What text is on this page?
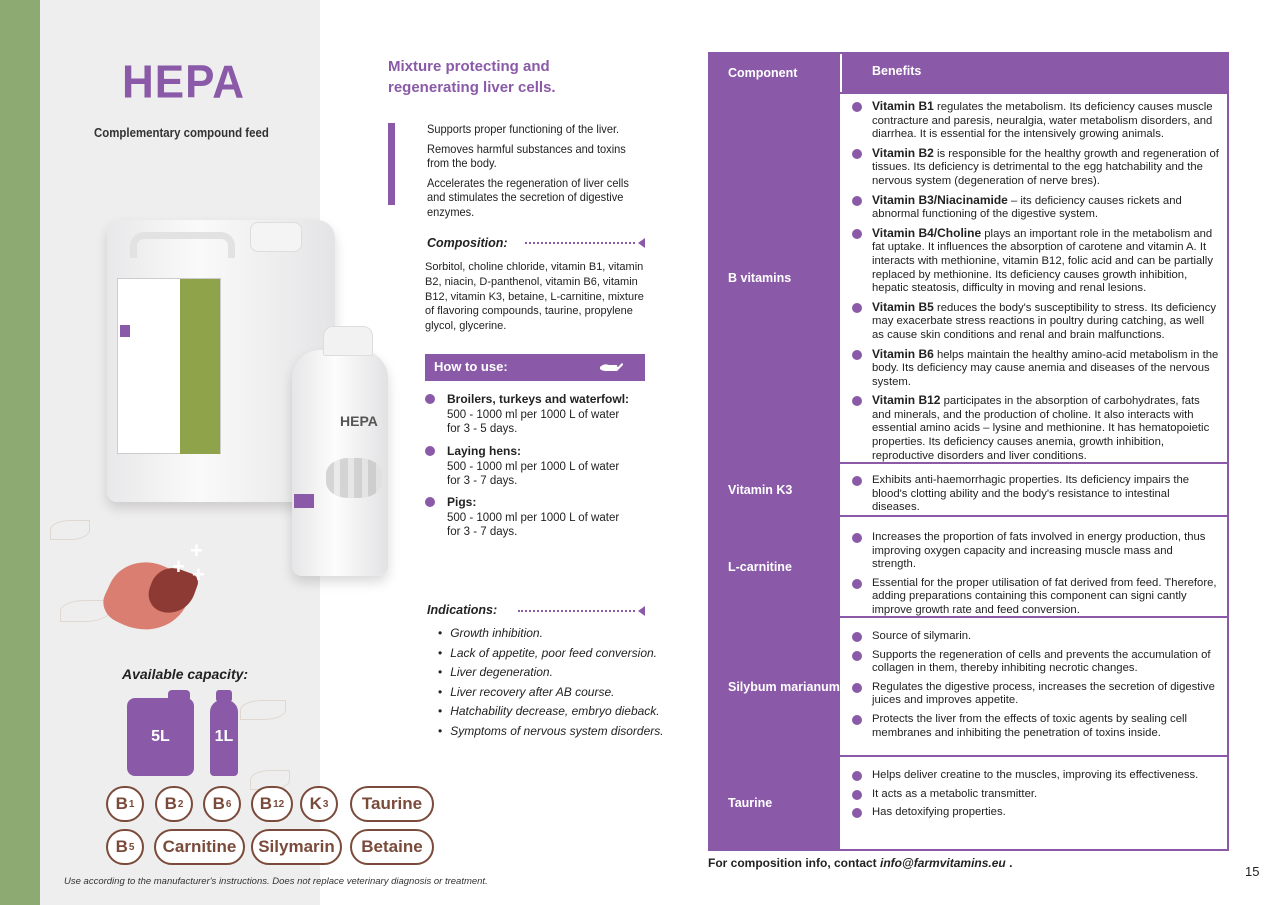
HEPA
Complementary compound feed
HEPA
+
+ +
Available capacity:
5L	1L
B 1 B 2 B 6 B 12 K 3 Taurine
B 5 Carnitine Silymarin Betaine
Use according to the manufacturer's instructions. Does not replace veterinary diagnosis or treatment.
Mixture protecting and regenerating liver cells.

Supports proper functioning of the liver.

Removes harmful substances and toxins from the body.

Accelerates the regeneration of liver cells and stimulates the secretion of digestive enzymes.

Composition:
Sorbitol, choline chloride, vitamin B1, vitamin B2, niacin, D-panthenol, vitamin B6, vitamin B12, vitamin K3, betaine, L-carnitine, mixture of flavoring compounds, taurine, propylene glycol, glycerine.
How to use:
Broilers, turkeys and waterfowl:
500 - 1000 ml per 1000 L of water
for 3 - 5 days.
Laying hens:
500 - 1000 ml per 1000 L of water
for 3 - 7 days.
Pigs:
500 - 1000 ml per 1000 L of water
for 3 - 7 days.
Indications:
• Growth inhibition.
• Lack of appetite, poor feed conversion.
• Liver degeneration.
• Liver recovery after AB course.
• Hatchability decrease, embryo dieback.
• Symptoms of nervous system disorders.
Component	Benefits
B vitamins
Vitamin B1 regulates the metabolism. Its deficiency causes muscle contracture and paresis, neuralgia, water metabolism disorders, and diarrhea. It is essential for the intensively growing animals.
Vitamin B2 is responsible for the healthy growth and regeneration of tissues. Its deficiency is detrimental to the egg hatchability and the nervous system (degeneration of nerve bres).
Vitamin B3/Niacinamide – its deficiency causes rickets and abnormal functioning of the digestive system.
Vitamin B4/Choline plays an important role in the metabolism and fat uptake. It influences the absorption of carotene and vitamin A. It interacts with methionine, vitamin B12, folic acid and can be partially replaced by methionine. Its deficiency causes growth inhibition, hepatic steatosis, difficulty in moving and renal lesions.
Vitamin B5 reduces the body's susceptibility to stress. Its deficiency may exacerbate stress reactions in poultry during catching, as well as cause skin conditions and renal and brain malfunctions.
Vitamin B6 helps maintain the healthy amino-acid metabolism in the body. Its deficiency may cause anemia and diseases of the nervous system.
Vitamin B12 participates in the absorption of carbohydrates, fats and minerals, and the production of choline. It also interacts with essential amino acids – lysine and methionine. It has hematopoietic properties. Its deficiency causes anemia, growth inhibition, reproductive disorders and liver conditions.
Vitamin K3
Exhibits anti-haemorrhagic properties. Its deficiency impairs the blood's clotting ability and the body's resistance to intestinal diseases.
L-carnitine
Increases the proportion of fats involved in energy production, thus improving oxygen capacity and increasing muscle mass and strength.
Essential for the proper utilisation of fat derived from feed. Therefore, adding preparations containing this component can signi cantly improve growth rate and feed conversion.
Silybum marianum
Source of silymarin.
Supports the regeneration of cells and prevents the accumulation of collagen in them, thereby inhibiting necrotic changes.
Regulates the digestive process, increases the secretion of digestive juices and improves appetite.
Protects the liver from the effects of toxic agents by sealing cell membranes and inhibiting the penetration of toxins inside.
Taurine
Helps deliver creatine to the muscles, improving its effectiveness.
It acts as a metabolic transmitter.
Has detoxifying properties.
For composition info, contact info@farmvitamins.eu .
15
